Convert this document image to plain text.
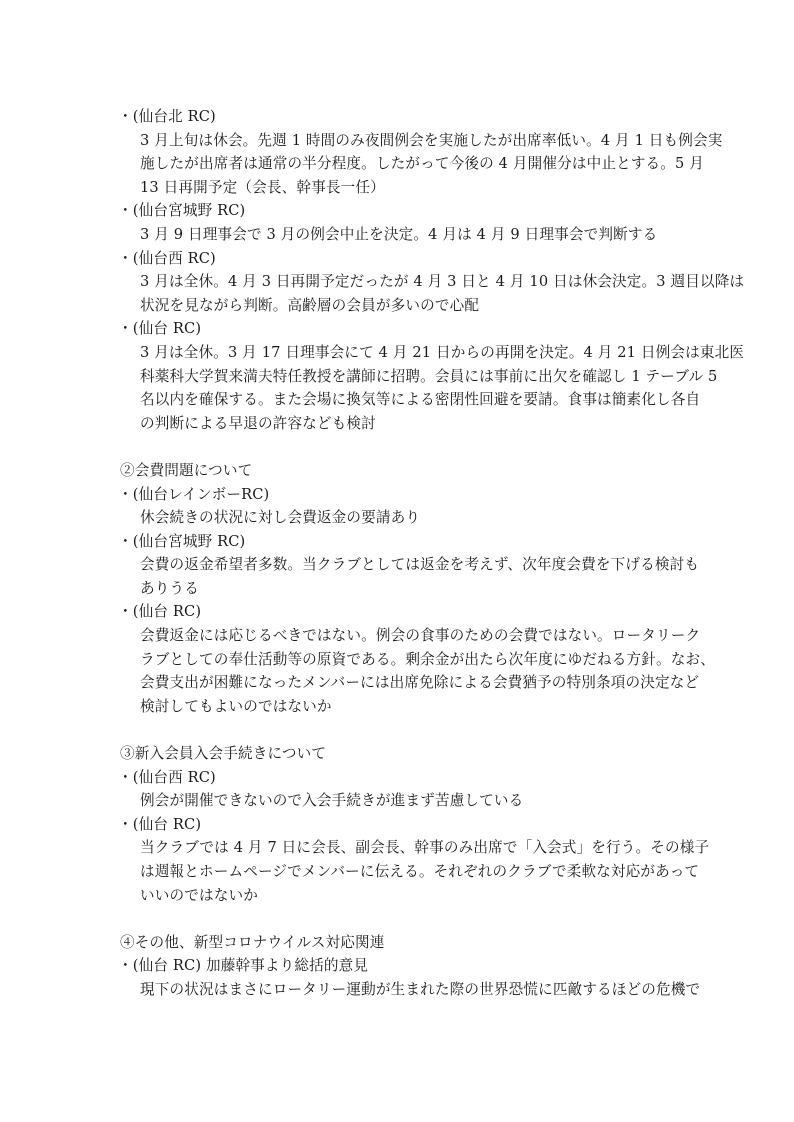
・(仙台北 RC)
3 月上旬は休会。先週 1 時間のみ夜間例会を実施したが出席率低い。4 月 1 日も例会実
施したが出席者は通常の半分程度。したがって今後の 4 月開催分は中止とする。5 月
13 日再開予定（会長、幹事長一任）
・(仙台宮城野 RC)
3 月 9 日理事会で 3 月の例会中止を決定。4 月は 4 月 9 日理事会で判断する
・(仙台西 RC)
3 月は全休。4 月 3 日再開予定だったが 4 月 3 日と 4 月 10 日は休会決定。3 週目以降は
状況を見ながら判断。高齢層の会員が多いので心配
・(仙台 RC)
3 月は全休。3 月 17 日理事会にて 4 月 21 日からの再開を決定。4 月 21 日例会は東北医
科薬科大学賀来満夫特任教授を講師に招聘。会員には事前に出欠を確認し 1 テーブル 5
名以内を確保する。また会場に換気等による密閉性回避を要請。食事は簡素化し各自
の判断による早退の許容なども検討
②会費問題について
・(仙台レインボーRC)
休会続きの状況に対し会費返金の要請あり
・(仙台宮城野 RC)
会費の返金希望者多数。当クラブとしては返金を考えず、次年度会費を下げる検討も
ありうる
・(仙台 RC)
会費返金には応じるべきではない。例会の食事のための会費ではない。ロータリーク
ラブとしての奉仕活動等の原資である。剰余金が出たら次年度にゆだねる方針。なお、
会費支出が困難になったメンバーには出席免除による会費猶予の特別条項の決定など
検討してもよいのではないか
③新入会員入会手続きについて
・(仙台西 RC)
例会が開催できないので入会手続きが進まず苦慮している
・(仙台 RC)
当クラブでは 4 月 7 日に会長、副会長、幹事のみ出席で「入会式」を行う。その様子
は週報とホームページでメンバーに伝える。それぞれのクラブで柔軟な対応があって
いいのではないか
④その他、新型コロナウイルス対応関連
・(仙台 RC) 加藤幹事より総括的意見
現下の状況はまさにロータリー運動が生まれた際の世界恐慌に匹敵するほどの危機で
